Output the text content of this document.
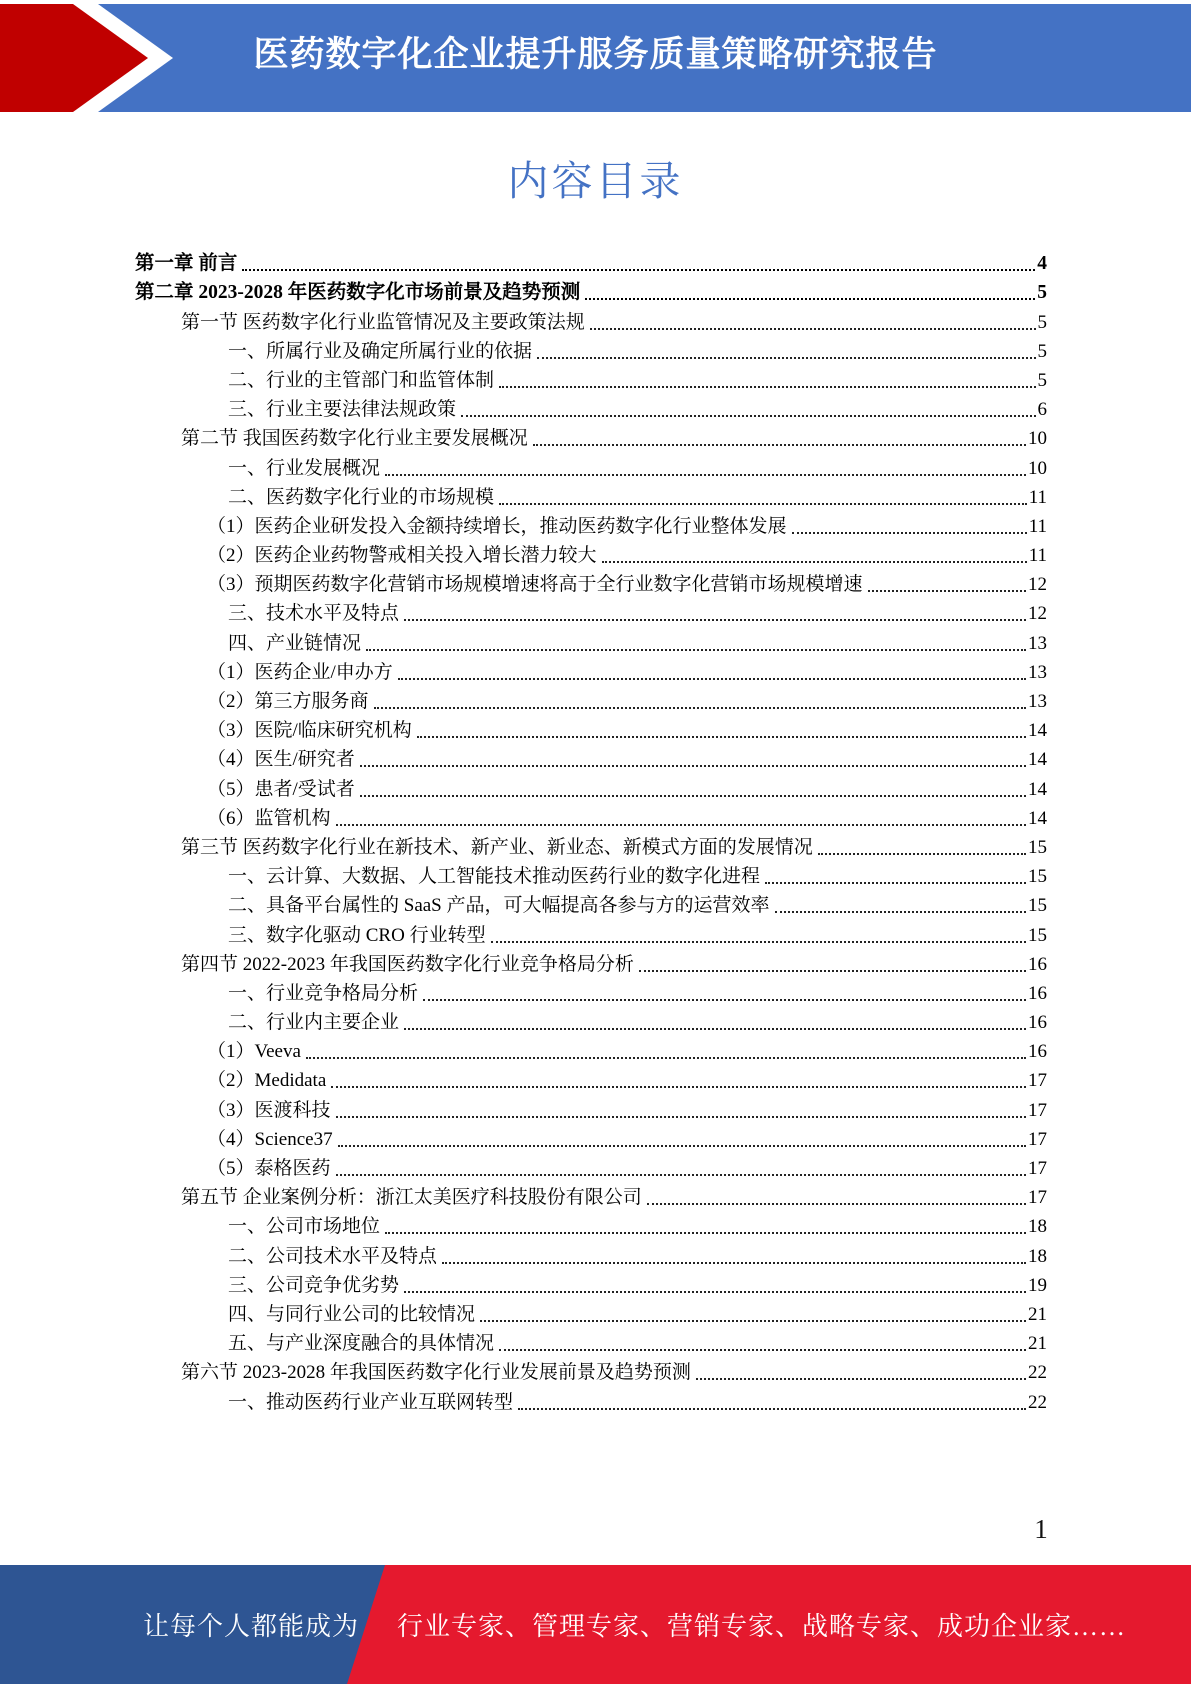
医药数字化企业提升服务质量策略研究报告
内容目录
第一章 前言	4
第二章 2023-2028 年医药数字化市场前景及趋势预测	5
第一节 医药数字化行业监管情况及主要政策法规	5
一、所属行业及确定所属行业的依据	5
二、行业的主管部门和监管体制	5
三、行业主要法律法规政策	6
第二节 我国医药数字化行业主要发展概况	10
一、行业发展概况	10
二、医药数字化行业的市场规模	11
（1）医药企业研发投入金额持续增长，推动医药数字化行业整体发展	11
（2）医药企业药物警戒相关投入增长潜力较大	11
（3）预期医药数字化营销市场规模增速将高于全行业数字化营销市场规模增速	12
三、技术水平及特点	12
四、产业链情况	13
（1）医药企业/申办方	13
（2）第三方服务商	13
（3）医院/临床研究机构	14
（4）医生/研究者	14
（5）患者/受试者	14
（6）监管机构	14
第三节 医药数字化行业在新技术、新产业、新业态、新模式方面的发展情况	15
一、云计算、大数据、人工智能技术推动医药行业的数字化进程	15
二、具备平台属性的 SaaS 产品，可大幅提高各参与方的运营效率	15
三、数字化驱动 CRO 行业转型	15
第四节 2022-2023 年我国医药数字化行业竞争格局分析	16
一、行业竞争格局分析	16
二、行业内主要企业	16
（1）Veeva	16
（2）Medidata	17
（3）医渡科技	17
（4）Science37	17
（5）泰格医药	17
第五节 企业案例分析：浙江太美医疗科技股份有限公司	17
一、公司市场地位	18
二、公司技术水平及特点	18
三、公司竞争优劣势	19
四、与同行业公司的比较情况	21
五、与产业深度融合的具体情况	21
第六节 2023-2028 年我国医药数字化行业发展前景及趋势预测	22
一、推动医药行业产业互联网转型	22
1
让每个人都能成为 行业专家、管理专家、营销专家、战略专家、成功企业家……
